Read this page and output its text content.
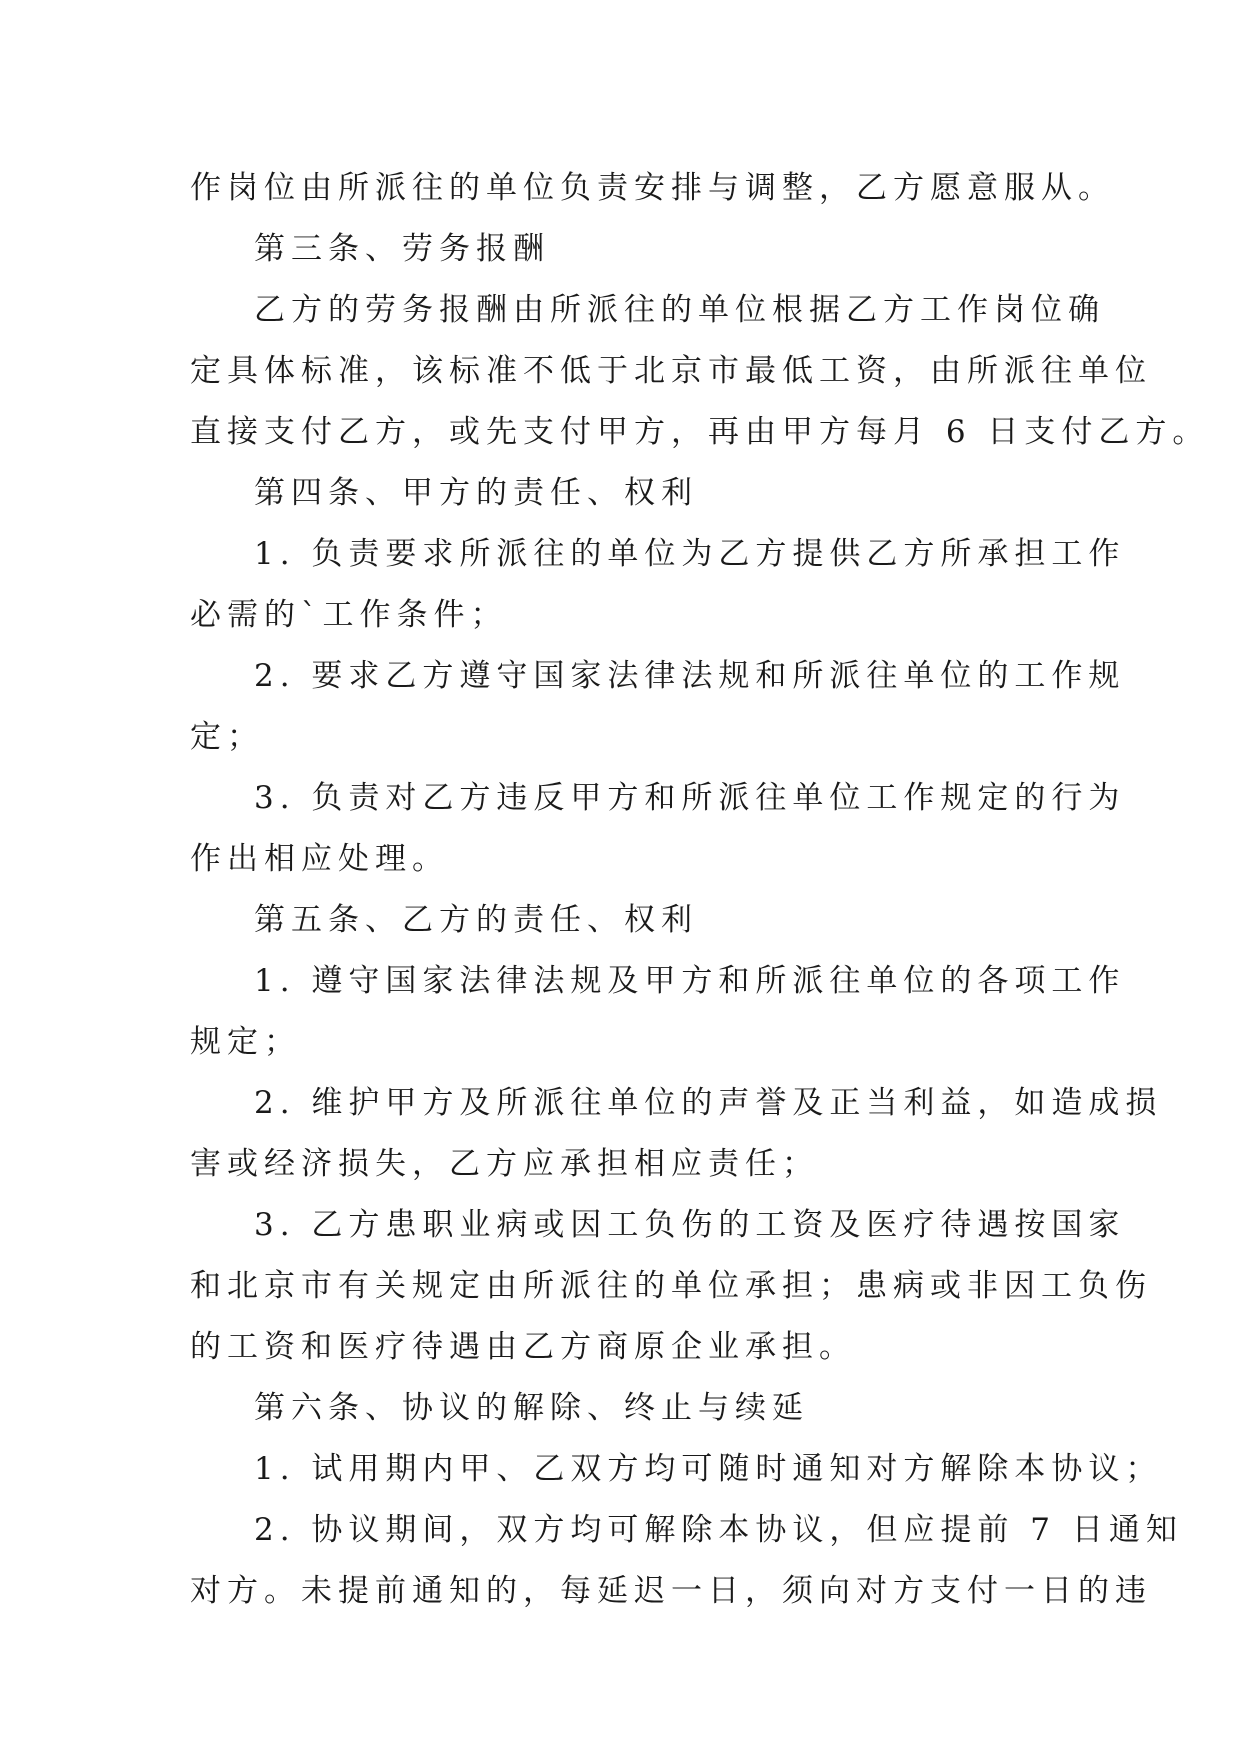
作岗位由所派往的单位负责安排与调整，乙方愿意服从。
第三条、劳务报酬
乙方的劳务报酬由所派往的单位根据乙方工作岗位确
定具体标准，该标准不低于北京市最低工资，由所派往单位
直接支付乙方，或先支付甲方，再由甲方每月 6 日支付乙方。
第四条、甲方的责任、权利
1. 负责要求所派往的单位为乙方提供乙方所承担工作
必需的`工作条件；
2. 要求乙方遵守国家法律法规和所派往单位的工作规
定；
3. 负责对乙方违反甲方和所派往单位工作规定的行为
作出相应处理。
第五条、乙方的责任、权利
1. 遵守国家法律法规及甲方和所派往单位的各项工作
规定；
2. 维护甲方及所派往单位的声誉及正当利益，如造成损
害或经济损失，乙方应承担相应责任；
3. 乙方患职业病或因工负伤的工资及医疗待遇按国家
和北京市有关规定由所派往的单位承担；患病或非因工负伤
的工资和医疗待遇由乙方商原企业承担。
第六条、协议的解除、终止与续延
1. 试用期内甲、乙双方均可随时通知对方解除本协议；
2. 协议期间，双方均可解除本协议，但应提前 7 日通知
对方。未提前通知的，每延迟一日，须向对方支付一日的违
